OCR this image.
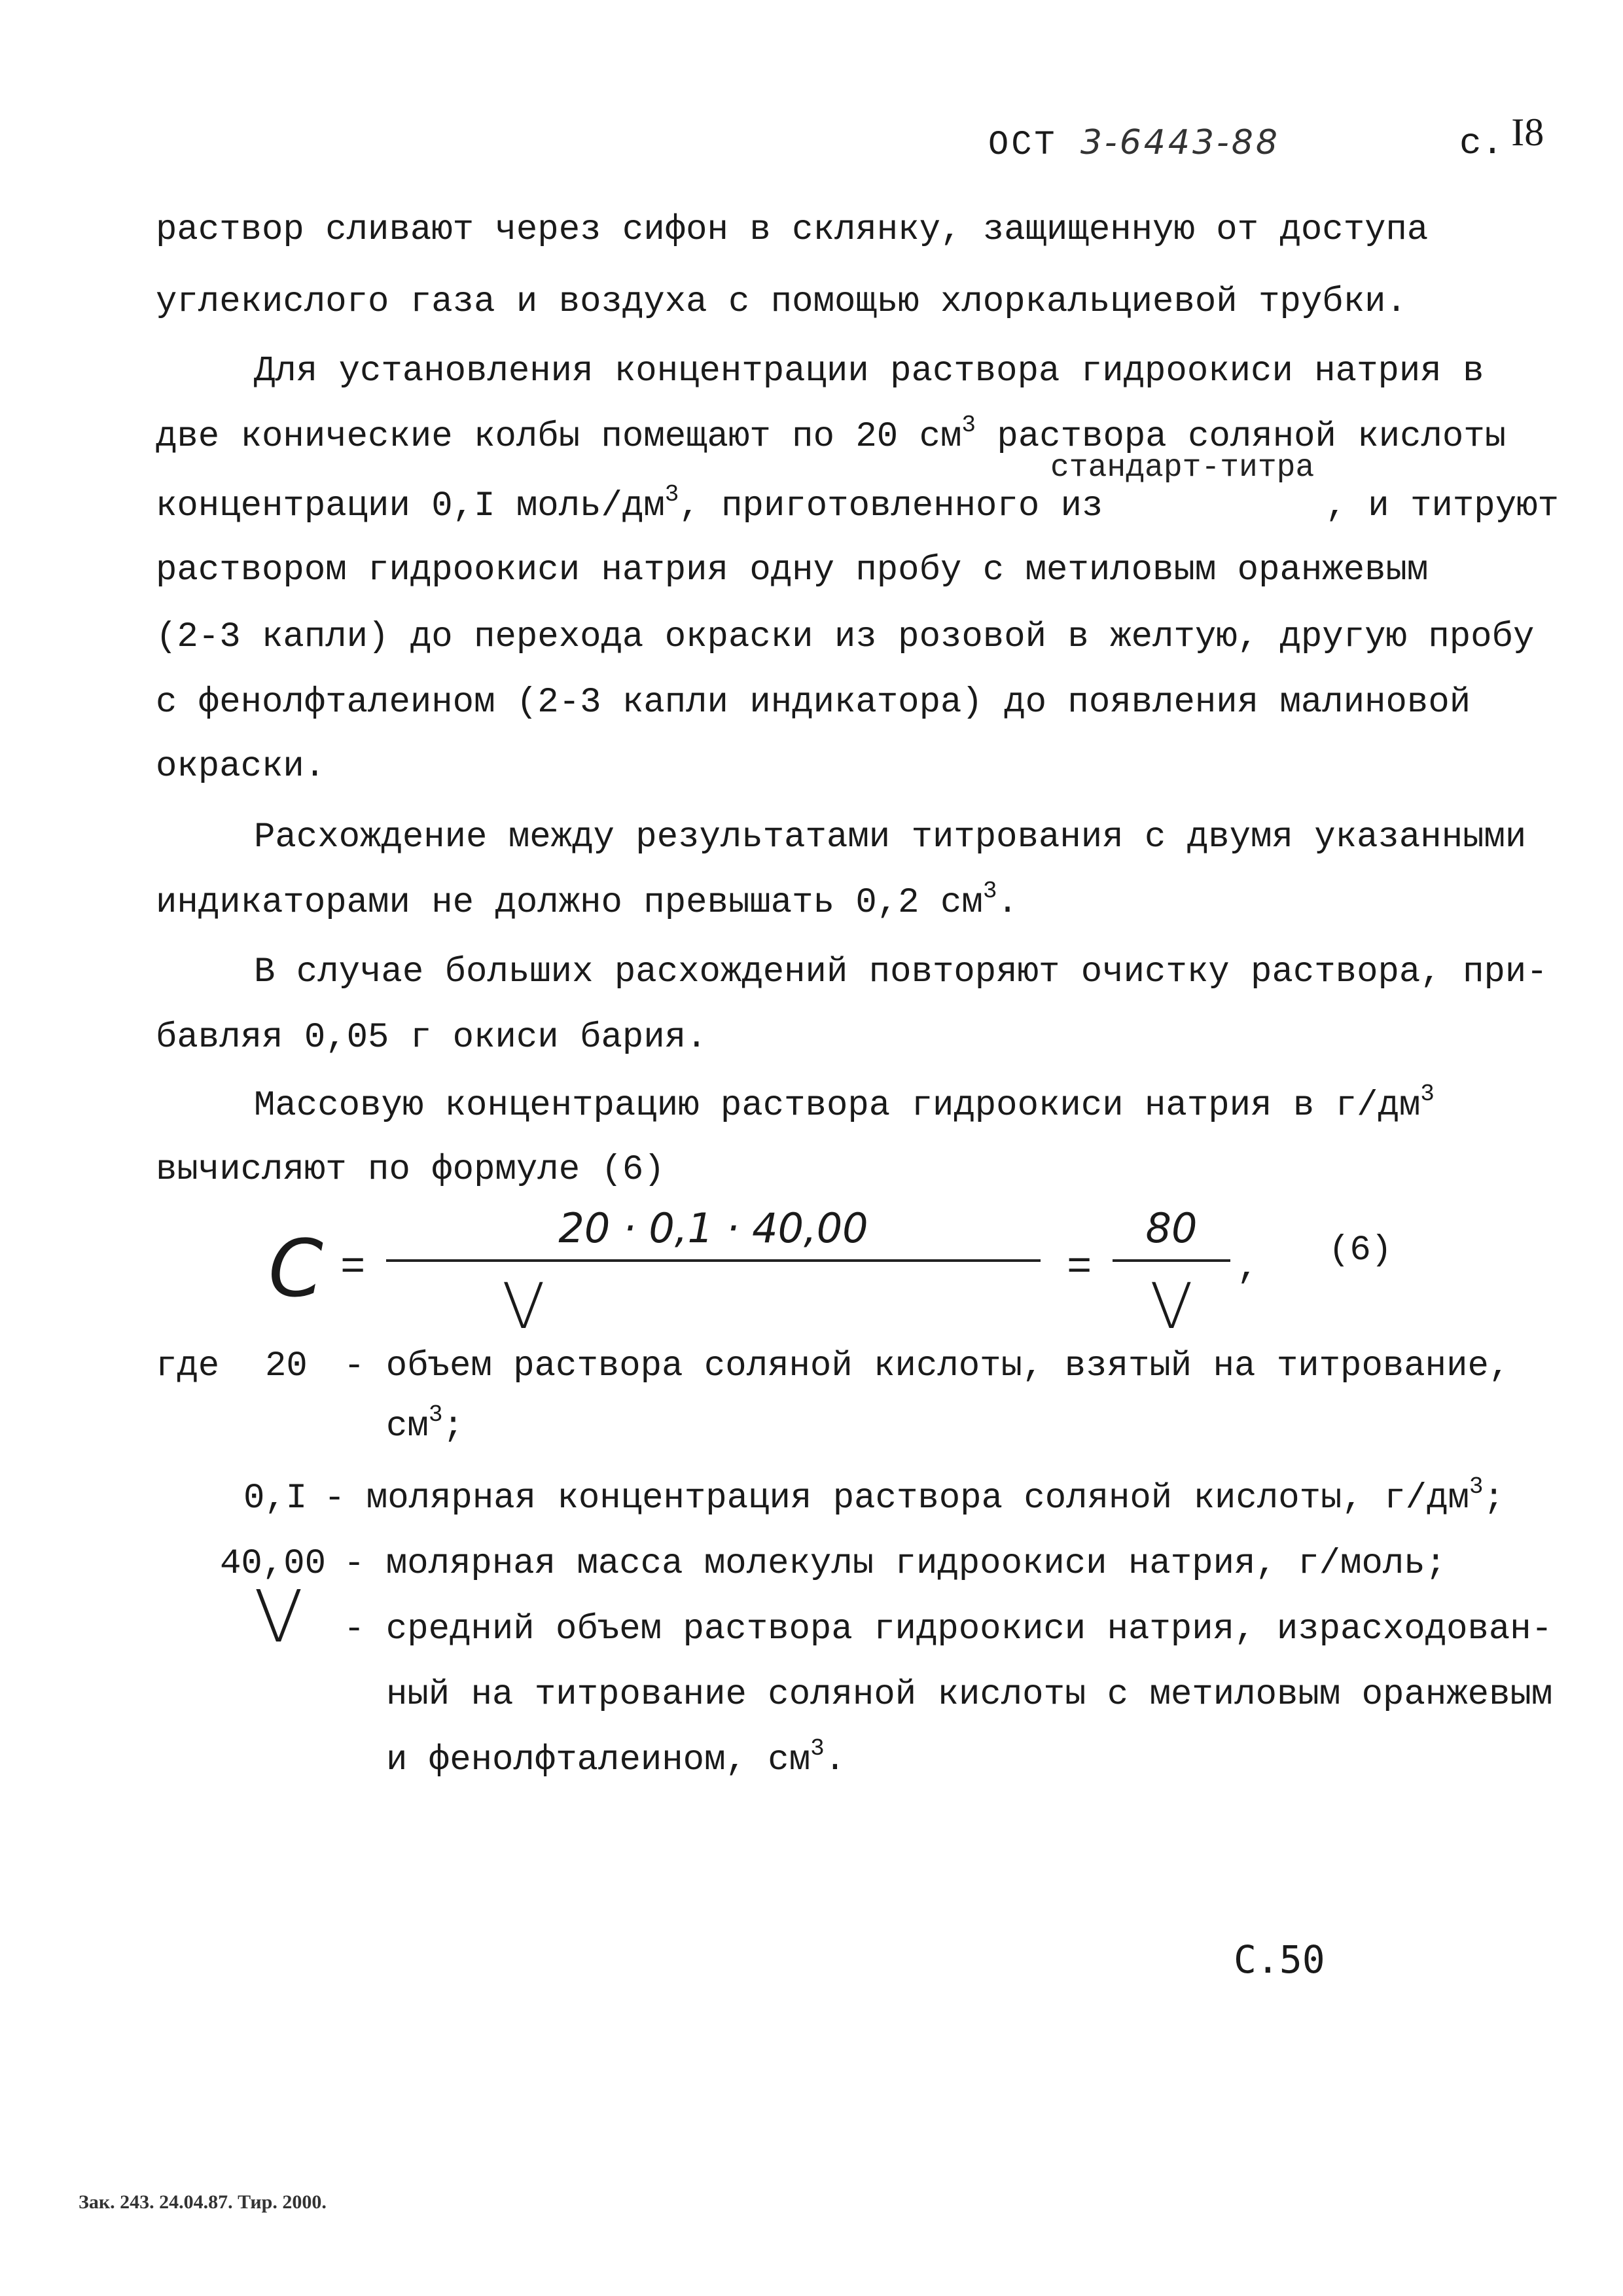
ОСТ 3-6443-88	с. I8
раствор сливают через сифон в склянку, защищенную от доступа
углекислого газа и воздуха с помощью хлоркальциевой трубки.
Для установления концентрации раствора гидроокиси натрия в
две конические колбы помещают по 20 $см^3$ раствора соляной кислоты
стандарт-титра
концентрации 0,I моль/$дм^3$, приготовленного из	, и титруют
раствором гидроокиси натрия одну пробу с метиловым оранжевым
(2-3 капли) до перехода окраски из розовой в желтую, другую пробу
с фенолфталеином (2-3 капли индикатора) до появления малиновой
окраски.
Расхождение между результатами титрования с двумя указанными
индикаторами не должно превышать 0,2 $см^3$.
В случае больших расхождений повторяют очистку раствора, при-
бавляя 0,05 г окиси бария.
Массовую концентрацию раствора гидроокиси натрия в $г/дм^3$
вычисляют по формуле (6)
C =
20 · 0,1 · 40,00
V
=
80
V
, (6)
где 20 - объем раствора соляной кислоты, взятый на титрование,
$см^3$;
0,I - молярная концентрация раствора соляной кислоты, $г/дм^3$;
40,00 - молярная масса молекулы гидроокиси натрия, г/моль;
V - средний объем раствора гидроокиси натрия, израсходован-
ный на титрование соляной кислоты с метиловым оранжевым
и фенолфталеином, $см^3$.
С.50
Зак. 243. 24.04.87. Тир. 2000.
